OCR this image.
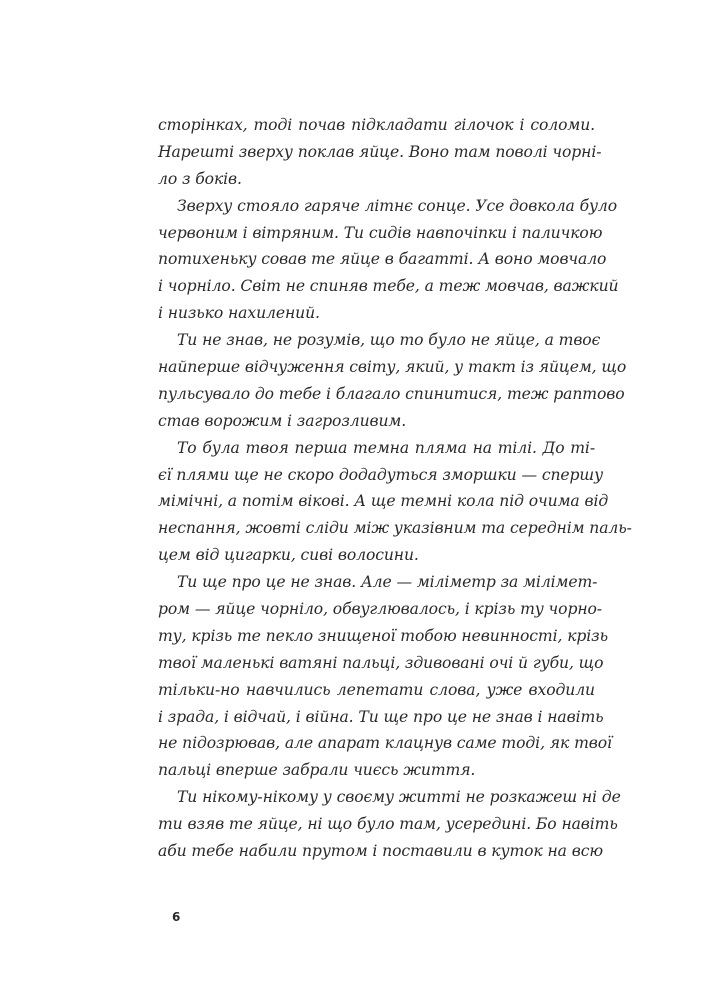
сторінках, тоді почав підкладати гілочок і соломи.
Нарешті зверху поклав яйце. Воно там поволі чорні-
ло з боків.
Зверху стояло гаряче літнє сонце. Усе довкола було
червоним і вітряним. Ти сидів навпочіпки і паличкою
потихеньку совав те яйце в багатті. А воно мовчало
і чорніло. Світ не спиняв тебе, а теж мовчав, важкий
і низько нахилений.
Ти не знав, не розумів, що то було не яйце, а твоє
найперше відчуження світу, який, у такт із яйцем, що
пульсувало до тебе і благало спинитися, теж раптово
став ворожим і загрозливим.
То була твоя перша темна пляма на тілі. До ті-
єї плями ще не скоро додадуться зморшки — спершу
мімічні, а потім вікові. А ще темні кола під очима від
неспання, жовті сліди між указівним та середнім паль-
цем від цигарки, сиві волосини.
Ти ще про це не знав. Але — міліметр за мілімет-
ром — яйце чорніло, обвуглювалось, і крізь ту чорно-
ту, крізь те пекло знищеної тобою невинності, крізь
твої маленькі ватяні пальці, здивовані очі й губи, що
тільки-но навчились лепетати слова, уже входили
і зрада, і відчай, і війна. Ти ще про це не знав і навіть
не підозрював, але апарат клацнув саме тоді, як твої
пальці вперше забрали чиєсь життя.
Ти нікому-нікому у своєму житті не розкажеш ні де
ти взяв те яйце, ні що було там, усередині. Бо навіть
аби тебе набили прутом і поставили в куток на всю
6
